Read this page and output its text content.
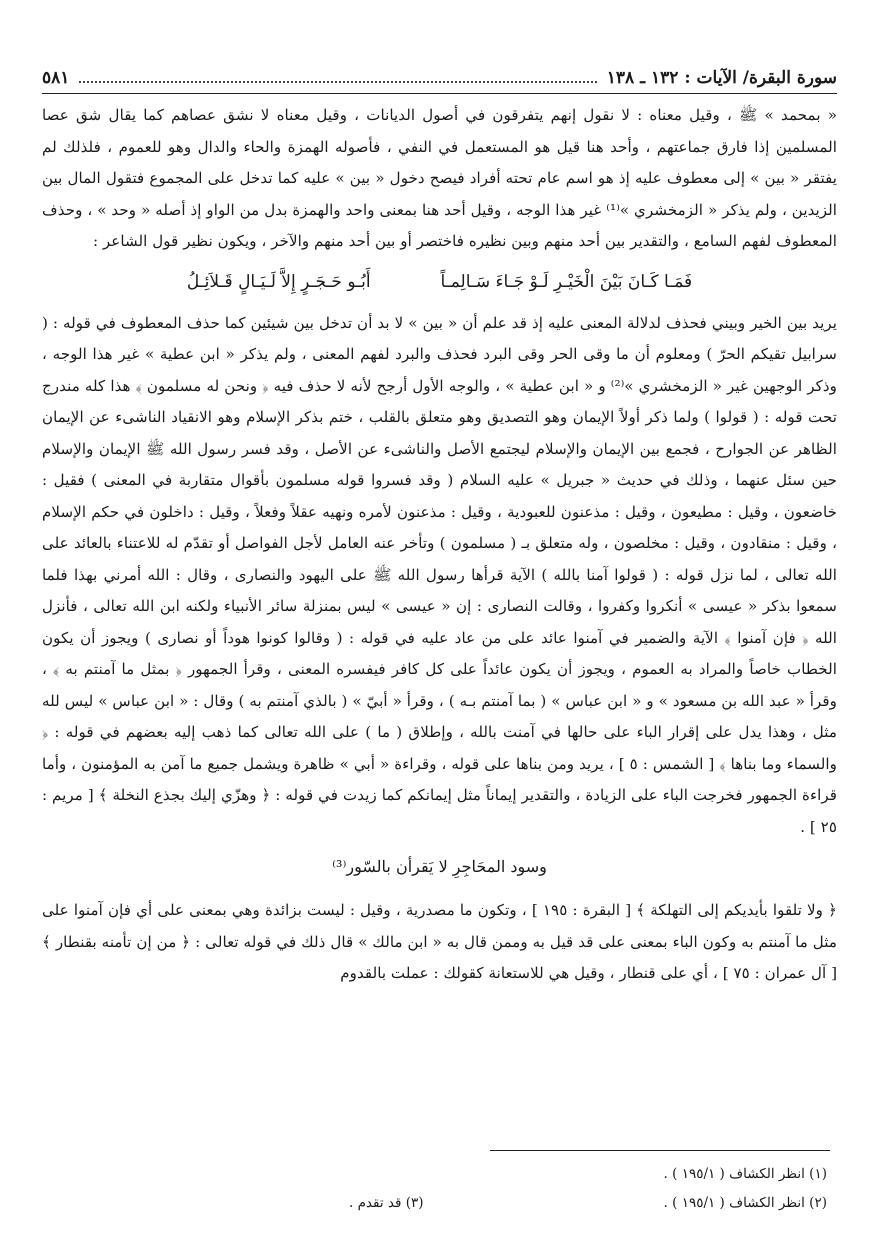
سورة البقرة/ الآيات : ١٣٢ ـ ١٣٨
٥٨١

« بمحمد » ﷺ ، وقيل معناه : لا نقول إنهم يتفرقون في أصول الديانات ، وقيل معناه لا نشق عصاهم كما يقال شق عصا المسلمين إذا فارق جماعتهم ، وأحد هنا قيل هو المستعمل في النفي ، فأصوله الهمزة والحاء والدال وهو للعموم ، فلذلك لم يفتقر « بين » إلى معطوف عليه إذ هو اسم عام تحته أفراد فيصح دخول « بين » عليه كما تدخل على المجموع فتقول المال بين الزيدين ، ولم يذكر « الزمخشري »⁽¹⁾ غير هذا الوجه ، وقيل أحد هنا بمعنى واحد والهمزة بدل من الواو إذ أصله « وحد » ، وحذف المعطوف لفهم السامع ، والتقدير بين أحد منهم وبين نظيره فاختصر أو بين أحد منهم والآخر ، ويكون نظير قول الشاعر :

فَمَـا كَـانَ بَيْنَ الْخَيْـرِ لَـوْ جَـاءَ سَـالِمـاً
أَبُـو حَـجَـرٍ إِلاَّ لَـيَـالٍ قَـلاَئِـلُ

يريد بين الخير وبيني فحذف لدلالة المعنى عليه إذ قد علم أن « بين » لا بد أن تدخل بين شيئين كما حذف المعطوف في قوله : ( سرابيل تقيكم الحرّ ) ومعلوم أن ما وقى الحر وقى البرد فحذف والبرد لفهم المعنى ، ولم يذكر « ابن عطية » غير هذا الوجه ، وذكر الوجهين غير « الزمخشري »⁽²⁾ و « ابن عطية » ، والوجه الأول أرجح لأنه لا حذف فيه ﴿ ونحن له مسلمون ﴾ هذا كله مندرج تحت قوله : ( قولوا ) ولما ذكر أولاً الإيمان وهو التصديق وهو متعلق بالقلب ، ختم بذكر الإسلام وهو الانقياد الناشىء عن الإيمان الظاهر عن الجوارح ، فجمع بين الإيمان والإسلام ليجتمع الأصل والناشىء عن الأصل ، وقد فسر رسول الله ﷺ الإيمان والإسلام حين سئل عنهما ، وذلك في حديث « جبريل » عليه السلام ( وقد فسروا قوله مسلمون بأقوال متقاربة في المعنى ) فقيل : خاضعون ، وقيل : مطيعون ، وقيل : مذعنون للعبودية ، وقيل : مذعنون لأمره ونهيه عقلاً وفعلاً ، وقيل : داخلون في حكم الإسلام ، وقيل : منقادون ، وقيل : مخلصون ، وله متعلق بـ ( مسلمون ) وتأخر عنه العامل لأجل الفواصل أو تقدّم له للاعتناء بالعائد على الله تعالى ، لما نزل قوله : ( قولوا آمنا بالله ) الآية قرأها رسول الله ﷺ على اليهود والنصارى ، وقال : الله أمرني بهذا فلما سمعوا بذكر « عيسى » أنكروا وكفروا ، وقالت النصارى : إن « عيسى » ليس بمنزلة سائر الأنبياء ولكنه ابن الله تعالى ، فأنزل الله ﴿ فإن آمنوا ﴾ الآية والضمير في آمنوا عائد على من عاد عليه في قوله : ( وقالوا كونوا هوداً أو نصارى ) ويجوز أن يكون الخطاب خاصاً والمراد به العموم ، ويجوز أن يكون عائداً على كل كافر فيفسره المعنى ، وقرأ الجمهور ﴿ بمثل ما آمنتم به ﴾ ، وقرأ « عبد الله بن مسعود » و « ابن عباس » ( بما آمنتم بـه ) ، وقرأ « أبيّ » ( بالذي آمنتم به ) وقال : « ابن عباس » ليس لله مثل ، وهذا يدل على إقرار الباء على حالها في آمنت بالله ، وإطلاق ( ما ) على الله تعالى كما ذهب إليه بعضهم في قوله : ﴿ والسماء وما بناها ﴾ [ الشمس : ٥ ] ، يريد ومن بناها على قوله ، وقراءة « أبي » ظاهرة ويشمل جميع ما آمن به المؤمنون ، وأما قراءة الجمهور فخرجت الباء على الزيادة ، والتقدير إيماناً مثل إيمانكم كما زيدت في قوله : ﴿ وهزّي إليك بجذع النخلة ﴾ [ مريم : ٢٥ ] .

وسود المحَاجِرِ لا يَقرأن بالسّور⁽³⁾

﴿ ولا تلقوا بأيديكم إلى التهلكة ﴾ [ البقرة : ١٩٥ ] ، وتكون ما مصدرية ، وقيل : ليست بزائدة وهي بمعنى على أي فإن آمنوا على مثل ما آمنتم به وكون الباء بمعنى على قد قيل به وممن قال به « ابن مالك » قال ذلك في قوله تعالى : ﴿ من إن تأمنه بقنطار ﴾ [ آل عمران : ٧٥ ] ، أي على قنطار ، وقيل هي للاستعانة كقولك : عملت بالقدوم

(١) انظر الكشاف ( ١٩٥/١ ) .
(٢) انظر الكشاف ( ١٩٥/١ ) .
(٣) قد تقدم .
